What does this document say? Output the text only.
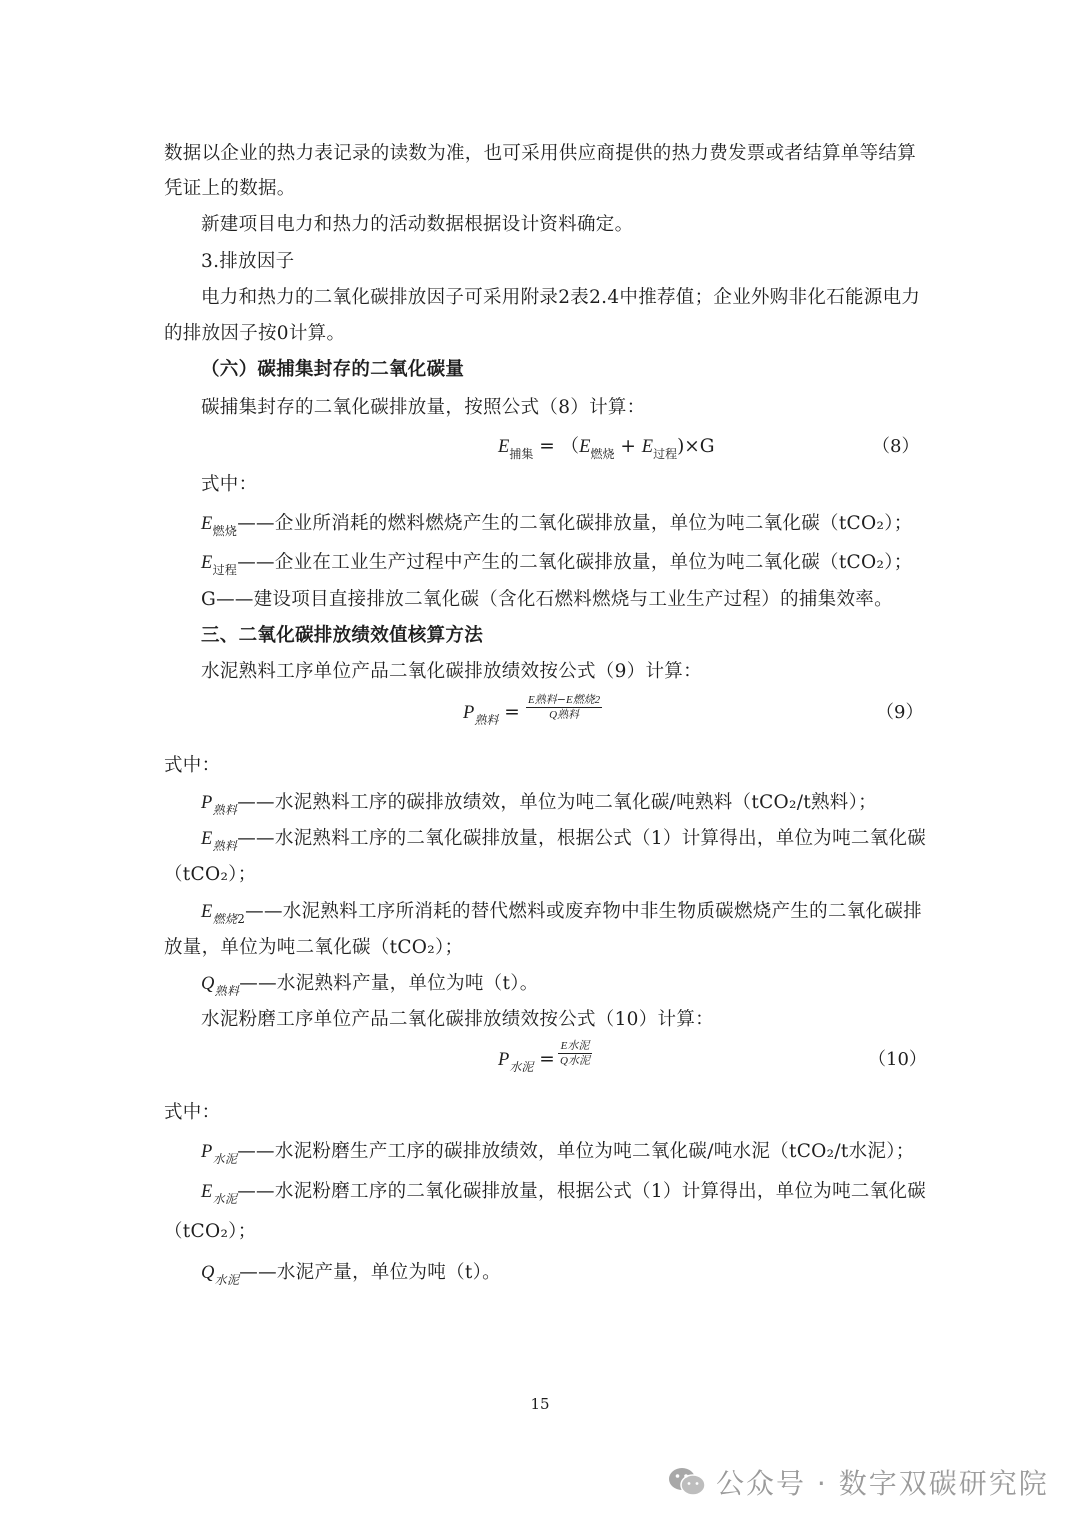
数据以企业的热力表记录的读数为准，也可采用供应商提供的热力费发票或者结算单等结算
凭证上的数据。
新建项目电力和热力的活动数据根据设计资料确定。
3.排放因子
电力和热力的二氧化碳排放因子可采用附录2表2.4中推荐值；企业外购非化石能源电力
的排放因子按0计算。
（六）碳捕集封存的二氧化碳量
碳捕集封存的二氧化碳排放量，按照公式（8）计算：
$E_{捕集} = (E_{燃烧} + E_{过程})\times G$	（8）
式中：
$E_{燃烧}——$企业所消耗的燃料燃烧产生的二氧化碳排放量，单位为吨二氧化碳（tCO₂）；
$E_{过程}——$企业在工业生产过程中产生的二氧化碳排放量，单位为吨二氧化碳（tCO₂）；
G——建设项目直接排放二氧化碳（含化石燃料燃烧与工业生产过程）的捕集效率。
三、二氧化碳排放绩效值核算方法
水泥熟料工序单位产品二氧化碳排放绩效按公式（9）计算：
$P_{熟料}$ =
E熟料−E燃烧2
Q熟料	（9）
式中：
$P_{熟料}——$水泥熟料工序的碳排放绩效，单位为吨二氧化碳/吨熟料（tCO₂/t熟料）；
$E_{熟料}——$水泥熟料工序的二氧化碳排放量，根据公式（1）计算得出，单位为吨二氧化碳
（tCO₂）；
$E_{燃烧2}——$水泥熟料工序所消耗的替代燃料或废弃物中非生物质碳燃烧产生的二氧化碳排
放量，单位为吨二氧化碳（tCO₂）；
$Q_{熟料}——$水泥熟料产量，单位为吨（t）。
水泥粉磨工序单位产品二氧化碳排放绩效按公式（10）计算：
$P_{水泥}$ =
E水泥
Q水泥	（10）
式中：
$P_{水泥}——$水泥粉磨生产工序的碳排放绩效，单位为吨二氧化碳/吨水泥（tCO₂/t水泥）；
$E_{水泥}——$水泥粉磨工序的二氧化碳排放量，根据公式（1）计算得出，单位为吨二氧化碳
（tCO₂）；
$Q_{水泥}——$水泥产量，单位为吨（t）。
15
公众号 · 数字双碳研究院
